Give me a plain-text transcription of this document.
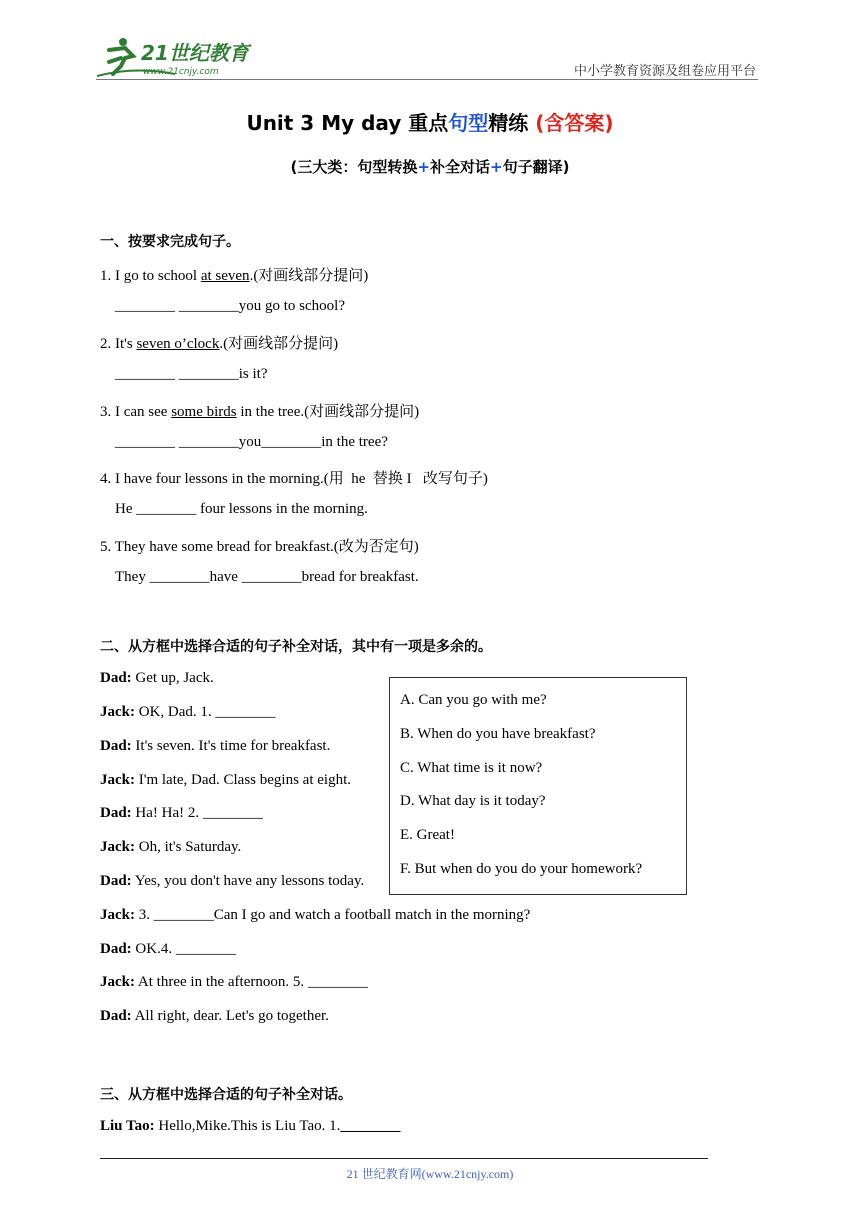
21世纪教育
www.21cnjy.com	中小学教育资源及组卷应用平台
Unit 3 My day 重点句型精练 (含答案)
(三大类：句型转换+补全对话+句子翻译)
一、按要求完成句子。
1. I go to school at seven.(对画线部分提问)
________ ________you go to school?
2. It's seven o’clock.(对画线部分提问)
________ ________is it?
3. I can see some birds in the tree.(对画线部分提问)
________ ________you________in the tree?
4. I have four lessons in the morning.(用  he  替换 I   改写句子)
He ________ four lessons in the morning.
5. They have some bread for breakfast.(改为否定句)
They ________have ________bread for breakfast.
二、从方框中选择合适的句子补全对话，其中有一项是多余的。
Dad: Get up, Jack.
Jack: OK, Dad. 1. ________
Dad: It's seven. It's time for breakfast.
Jack: I'm late, Dad. Class begins at eight.
Dad: Ha! Ha! 2. ________
Jack: Oh, it's Saturday.
Dad: Yes, you don't have any lessons today.
Jack: 3. ________Can I go and watch a football match in the morning?
Dad: OK.4. ________
Jack: At three in the afternoon. 5. ________
Dad: All right, dear. Let's go together.
A. Can you go with me?
B. When do you have breakfast?
C. What time is it now?
D. What day is it today?
E. Great!
F. But when do you do your homework?
三、从方框中选择合适的句子补全对话。
Liu Tao: Hello,Mike.This is Liu Tao. 1.________
21 世纪教育网(www.21cnjy.com)
